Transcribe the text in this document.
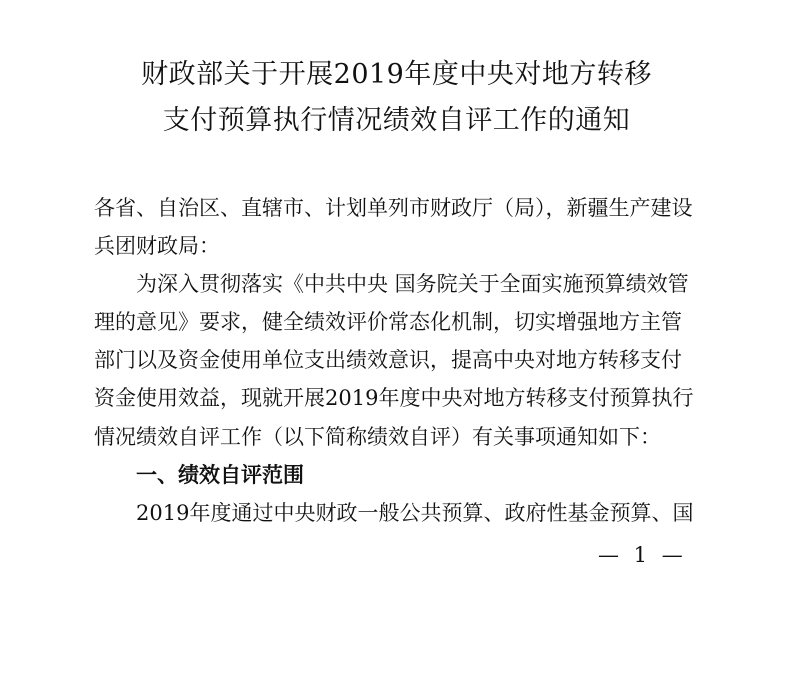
财政部关于开展2019年度中央对地方转移
支付预算执行情况绩效自评工作的通知
各省、自治区、直辖市、计划单列市财政厅（局），新疆生产建设
兵团财政局：
为深入贯彻落实《中共中央 国务院关于全面实施预算绩效管
理的意见》要求，健全绩效评价常态化机制，切实增强地方主管
部门以及资金使用单位支出绩效意识，提高中央对地方转移支付
资金使用效益，现就开展2019年度中央对地方转移支付预算执行
情况绩效自评工作（以下简称绩效自评）有关事项通知如下：
一、绩效自评范围
2019年度通过中央财政一般公共预算、政府性基金预算、国
— 1 —
